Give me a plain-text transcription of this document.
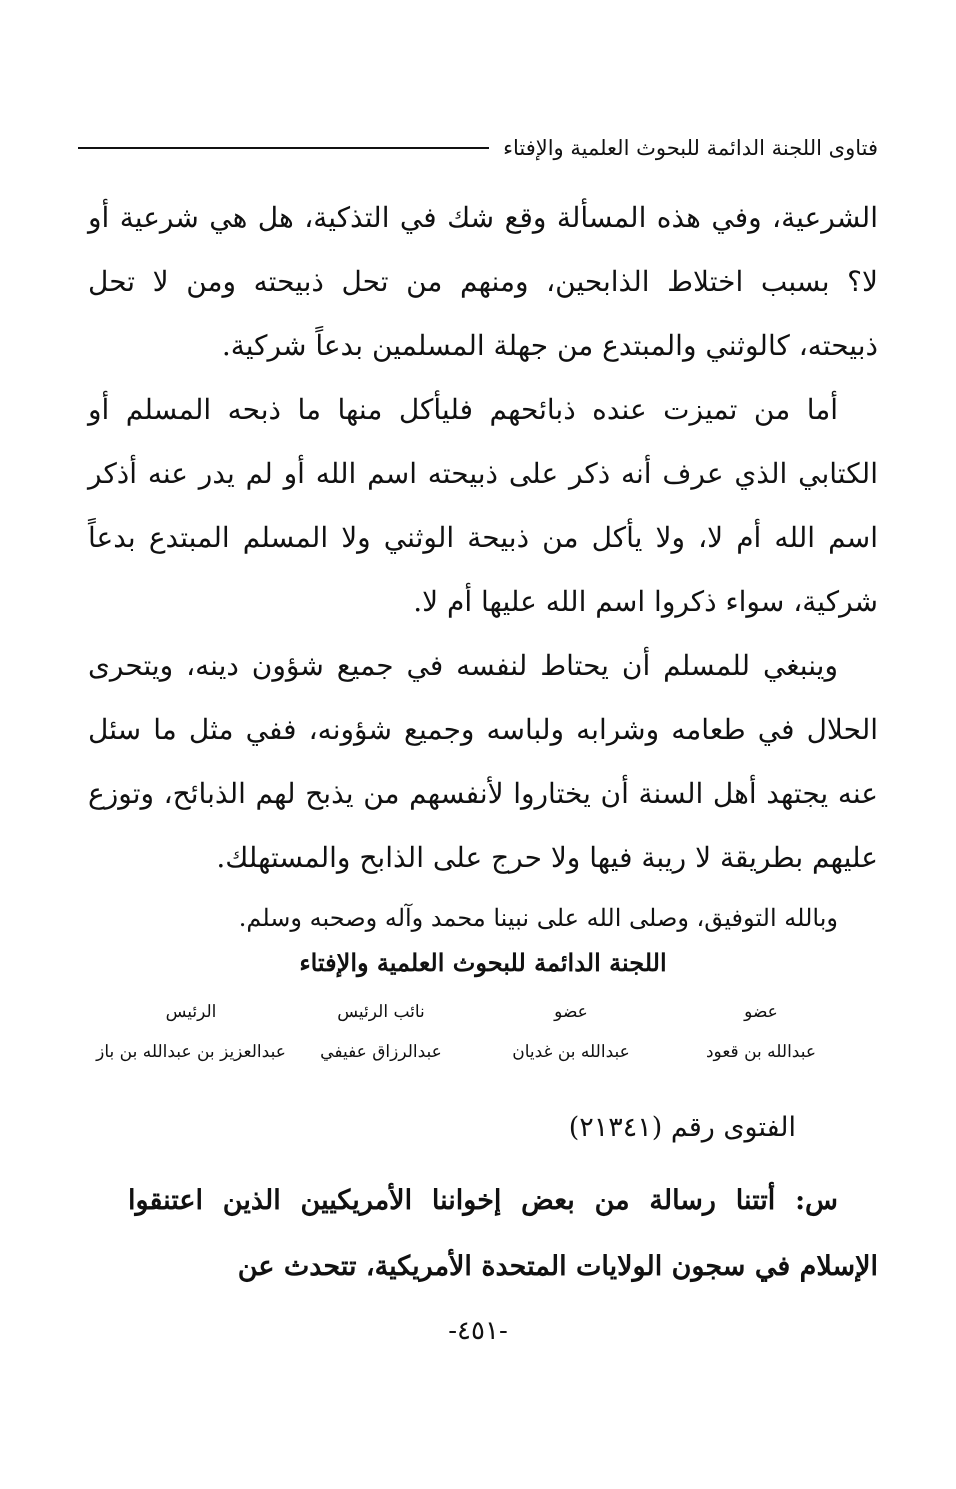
فتاوى اللجنة الدائمة للبحوث العلمية والإفتاء

الشرعية، وفي هذه المسألة وقع شك في التذكية، هل هي شرعية أو لا؟ بسبب اختلاط الذابحين، ومنهم من تحل ذبيحته ومن لا تحل ذبيحته، كالوثني والمبتدع من جهلة المسلمين بدعاً شركية.

أما من تميزت عنده ذبائحهم فليأكل منها ما ذبحه المسلم أو الكتابي الذي عرف أنه ذكر على ذبيحته اسم الله أو لم يدر عنه أذكر اسم الله أم لا، ولا يأكل من ذبيحة الوثني ولا المسلم المبتدع بدعاً شركية، سواء ذكروا اسم الله عليها أم لا.

وينبغي للمسلم أن يحتاط لنفسه في جميع شؤون دينه، ويتحرى الحلال في طعامه وشرابه ولباسه وجميع شؤونه، ففي مثل ما سئل عنه يجتهد أهل السنة أن يختاروا لأنفسهم من يذبح لهم الذبائح، وتوزع عليهم بطريقة لا ريبة فيها ولا حرج على الذابح والمستهلك.

وبالله التوفيق، وصلى الله على نبينا محمد وآله وصحبه وسلم.

اللجنة الدائمة للبحوث العلمية والإفتاء
عضو
عضو
نائب الرئيس
الرئيس
عبدالله بن قعود
عبدالله بن غديان
عبدالرزاق عفيفي
عبدالعزيز بن عبدالله بن باز
الفتوى رقم (٢١٣٤١)

س: أتتنا رسالة من بعض إخواننا الأمريكيين الذين اعتنقوا الإسلام في سجون الولايات المتحدة الأمريكية، تتحدث عن

-٤٥١-
